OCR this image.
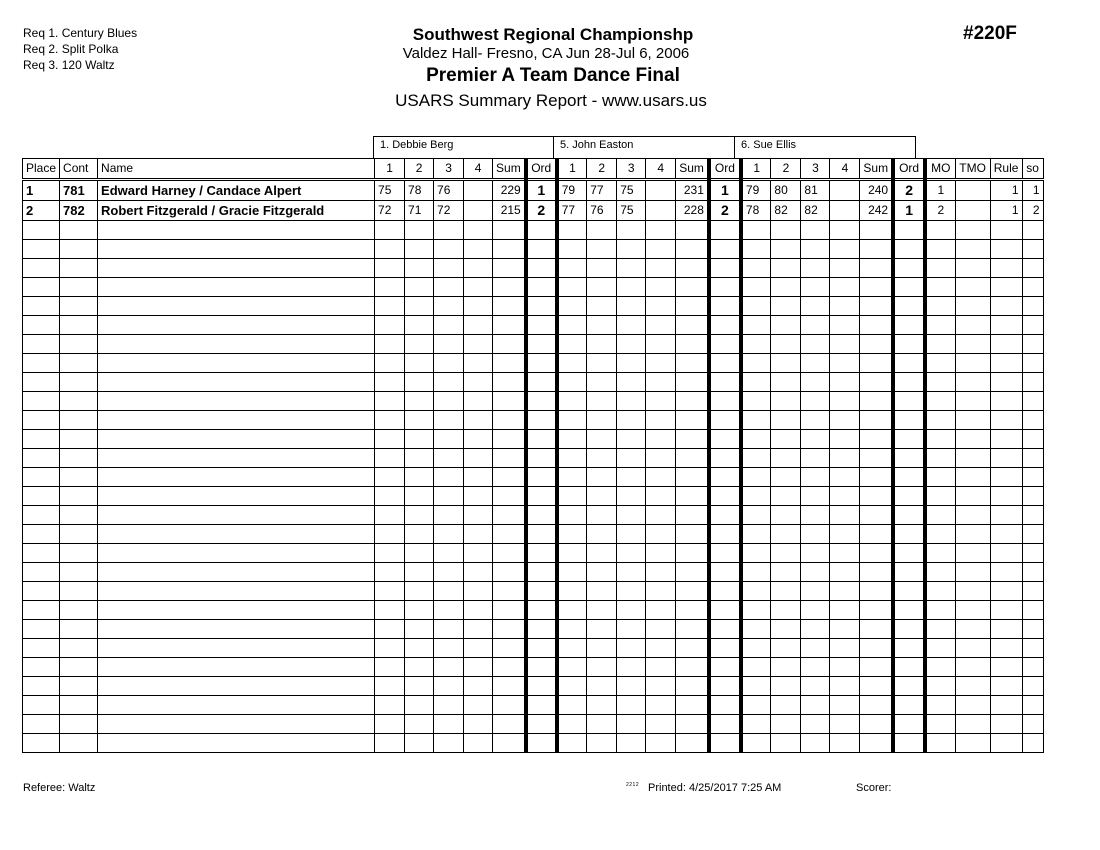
Req 1. Century Blues
Req 2. Split Polka
Req 3. 120 Waltz
Southwest Regional Championshp
Valdez Hall- Fresno, CA Jun 28-Jul 6, 2006
Premier A Team Dance Final
USARS Summary Report - www.usars.us
#220F
1. Debbie Berg	5. John Easton	6. Sue Ellis
Place	Cont	Name	1	2	3	4	Sum	Ord	1	2	3	4	Sum	Ord	1	2	3	4	Sum	Ord	MO	TMO	Rule	so
1	781	Edward Harney / Candace Alpert	75	78	76		229	1	79	77	75		231	1	79	80	81		240	2	1		1	1
2	782	Robert Fitzgerald / Gracie Fitzgerald	72	71	72		215	2	77	76	75		228	2	78	82	82		242	1	2		1	2

Referee: Waltz	2212 Printed: 4/25/2017 7:25 AM	Scorer:
